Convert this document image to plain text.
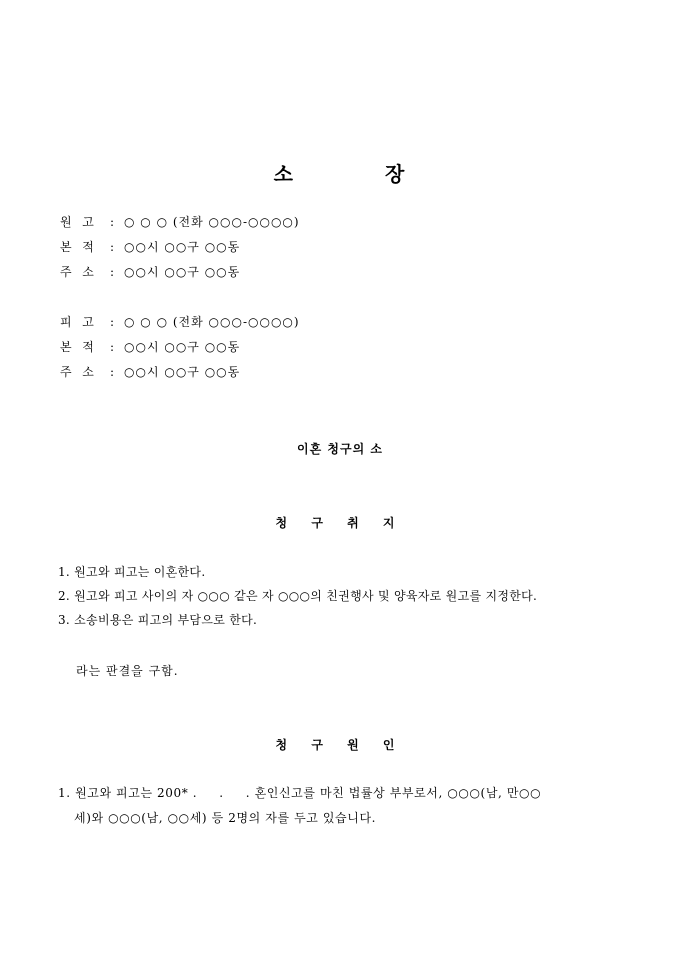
소	장
원  고 : ○ ○ ○ (전화 ○○○-○○○○)
본  적 : ○○시 ○○구 ○○동
주  소 : ○○시 ○○구 ○○동
피  고 : ○ ○ ○ (전화 ○○○-○○○○)
본  적 : ○○시 ○○구 ○○동
주  소 : ○○시 ○○구 ○○동
이혼 청구의 소
청 구 취 지
1. 원고와 피고는 이혼한다.
2. 원고와 피고 사이의 자 ○○○ 같은 자 ○○○의 친권행사 및 양육자로 원고를 지정한다.
3. 소송비용은 피고의 부담으로 한다.
라는 판결을 구함.
청 구 원 인
1. 원고와 피고는 200* .     .     . 혼인신고를 마친 법률상 부부로서, ○○○(남, 만○○
세)와 ○○○(남, ○○세) 등 2명의 자를 두고 있습니다.
